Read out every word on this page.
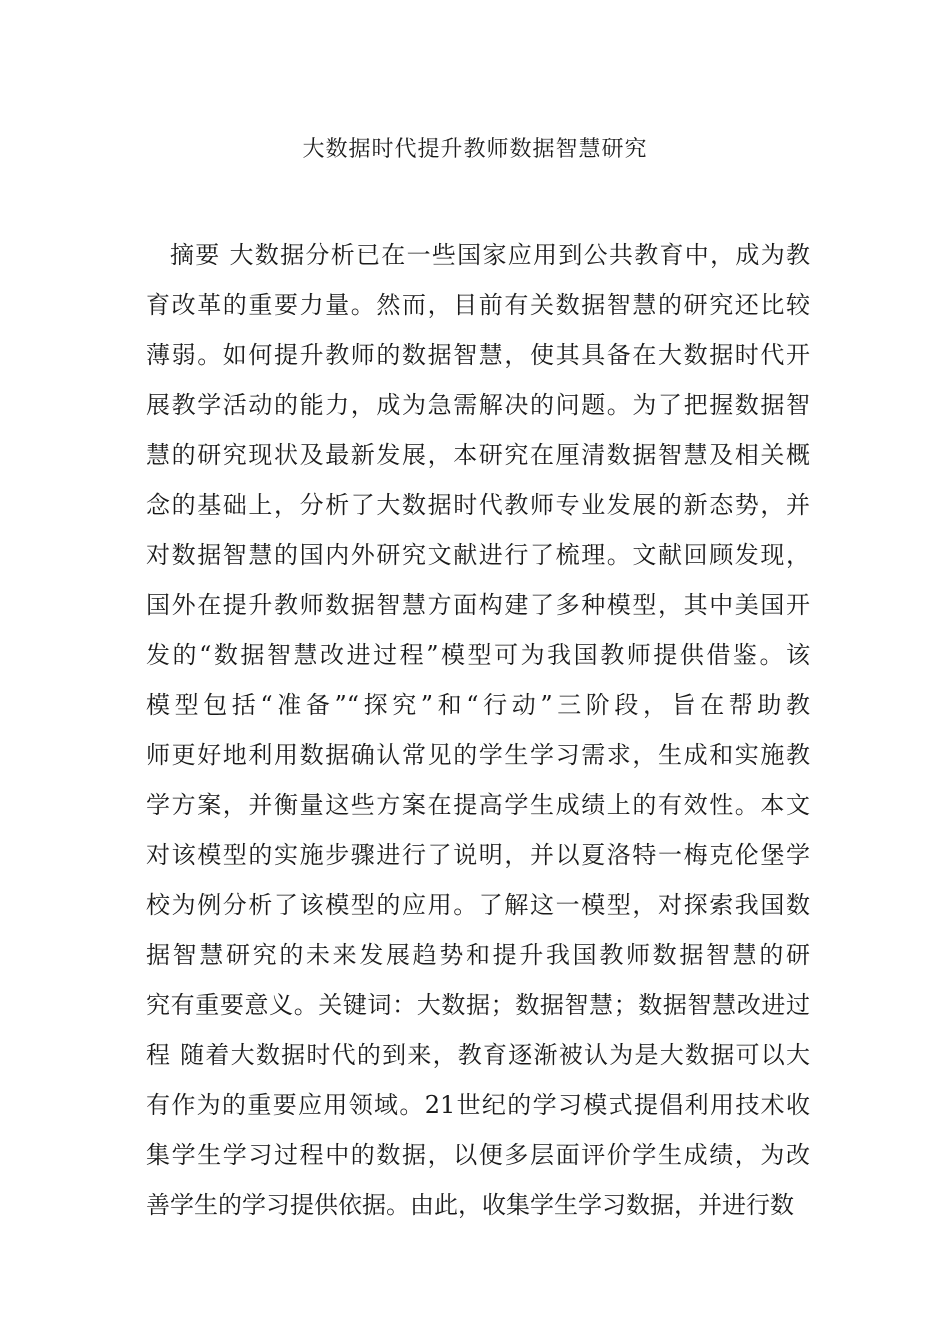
大数据时代提升教师数据智慧研究
摘要 大数据分析已在一些国家应用到公共教育中，成为教
育改革的重要力量。然而，目前有关数据智慧的研究还比较
薄弱。如何提升教师的数据智慧，使其具备在大数据时代开
展教学活动的能力，成为急需解决的问题。为了把握数据智
慧的研究现状及最新发展，本研究在厘清数据智慧及相关概
念的基础上，分析了大数据时代教师专业发展的新态势，并
对数据智慧的国内外研究文献进行了梳理。文献回顾发现，
国外在提升教师数据智慧方面构建了多种模型，其中美国开
发的“数据智慧改进过程”模型可为我国教师提供借鉴。该
模型包括“准备”“探究”和“行动”三阶段，旨在帮助教
师更好地利用数据确认常见的学生学习需求，生成和实施教
学方案，并衡量这些方案在提高学生成绩上的有效性。本文
对该模型的实施步骤进行了说明，并以夏洛特一梅克伦堡学
校为例分析了该模型的应用。了解这一模型，对探索我国数
据智慧研究的未来发展趋势和提升我国教师数据智慧的研
究有重要意义。关键词：大数据；数据智慧；数据智慧改进过
程 随着大数据时代的到来，教育逐渐被认为是大数据可以大
有作为的重要应用领域。21世纪的学习模式提倡利用技术收
集学生学习过程中的数据，以便多层面评价学生成绩，为改
善学生的学习提供依据。由此，收集学生学习数据，并进行数
